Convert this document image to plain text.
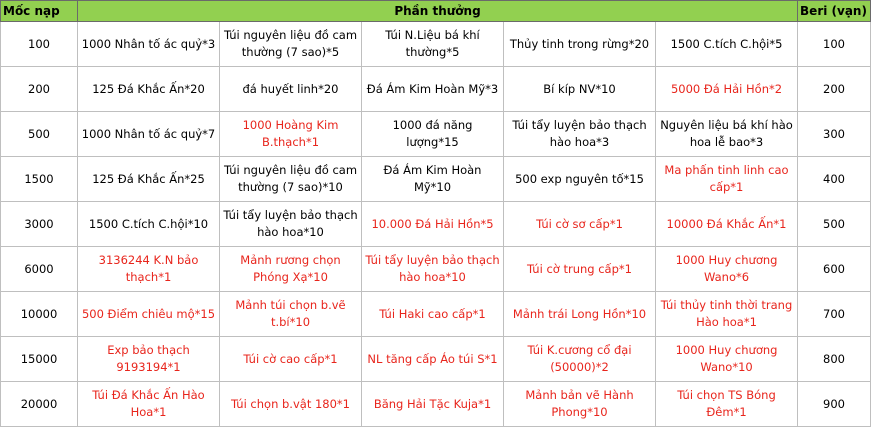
Mốc nạp	Phần thưởng					Beri (vạn)
100	1000 Nhân tố ác quỷ*3	Túi nguyên liệu đồ cam thường (7 sao)*5	Túi N.Liệu bá khí thường*5	Thủy tinh trong rừng*20	1500 C.tích C.hội*5	100
200	125 Đá Khắc Ấn*20	đá huyết linh*20	Đá Ám Kim Hoàn Mỹ*3	Bí kíp NV*10	5000 Đá Hải Hồn*2	200
500	1000 Nhân tố ác quỷ*7	1000 Hoàng Kim B.thạch*1	1000 đá năng lượng*15	Túi tẩy luyện bảo thạch hào hoa*3	Nguyên liệu bá khí hào hoa lễ bao*3	300
1500	125 Đá Khắc Ấn*25	Túi nguyên liệu đồ cam thường (7 sao)*10	Đá Ám Kim Hoàn Mỹ*10	500 exp nguyên tố*15	Ma phấn tinh linh cao cấp*1	400
3000	1500 C.tích C.hội*10	Túi tẩy luyện bảo thạch hào hoa*10	10.000 Đá Hải Hồn*5	Túi cờ sơ cấp*1	10000 Đá Khắc Ấn*1	500
6000	3136244 K.N bảo thạch*1	Mảnh rương chọn Phóng Xạ*10	Túi tẩy luyện bảo thạch hào hoa*10	Túi cờ trung cấp*1	1000 Huy chương Wano*6	600
10000	500 Điểm chiêu mộ*15	Mảnh túi chọn b.vẽ t.bí*10	Túi Haki cao cấp*1	Mảnh trái Long Hồn*10	Túi thủy tinh thời trang Hào hoa*1	700
15000	Exp bảo thạch 9193194*1	Túi cờ cao cấp*1	NL tăng cấp Áo túi S*1	Túi K.cương cổ đại (50000)*2	1000 Huy chương Wano*10	800
20000	Túi Đá Khắc Ấn Hào Hoa*1	Túi chọn b.vật 180*1	Băng Hải Tặc Kuja*1	Mảnh bản vẽ Hành Phong*10	Túi chọn TS Bóng Đêm*1	900
